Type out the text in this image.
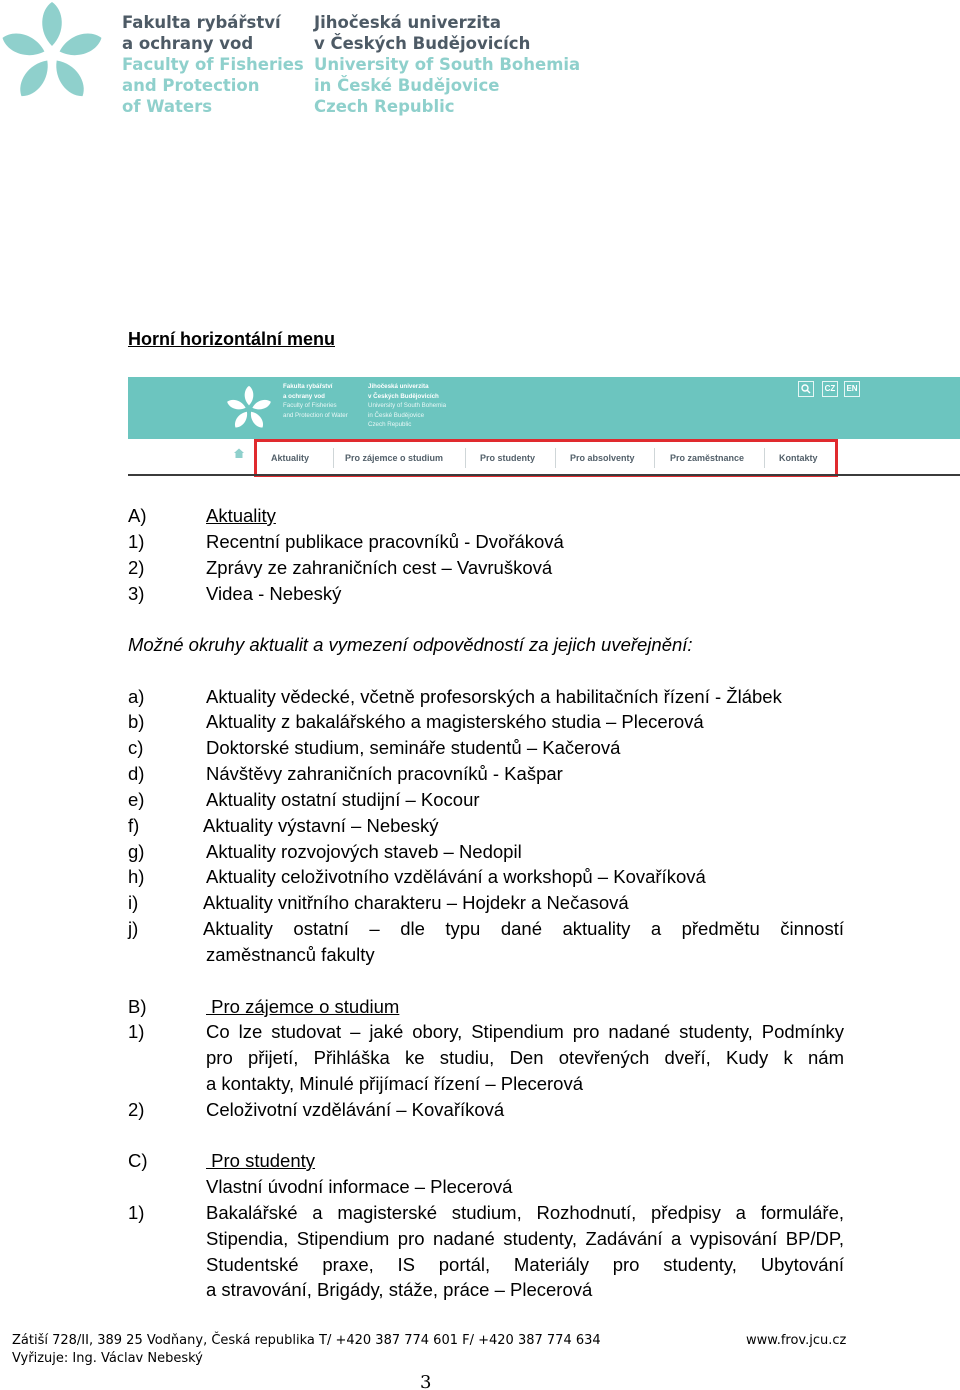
Fakulta rybářství
a ochrany vod
Faculty of Fisheries
and Protection
of Waters
Jihočeská univerzita
v Českých Budějovicích
University of South Bohemia
in České Budějovice
Czech Republic
Horní horizontální menu
Fakulta rybářství
a ochrany vod
Faculty of Fisheries
and Protection of Water
Jihočeská univerzita
v Českých Budějovicích
University of South Bohemia
in České Budějovice
Czech Republic
CZ	EN
Aktuality	Pro zájemce o studium	Pro studenty	Pro absolventy	Pro zaměstnance	Kontakty
A)	Aktuality
1)	Recentní publikace pracovníků - Dvořáková
2)	Zprávy ze zahraničních cest – Vavrušková
3)	Videa - Nebeský
Možné okruhy aktualit a vymezení odpovědností za jejich uveřejnění:
a)	Aktuality vědecké, včetně profesorských a habilitačních řízení - Žlábek
b)	Aktuality z bakalářského a magisterského studia – Plecerová
c)	Doktorské studium, semináře studentů – Kačerová
d)	Návštěvy zahraničních pracovníků - Kašpar
e)	Aktuality ostatní studijní – Kocour
f)	Aktuality výstavní – Nebeský
g)	Aktuality rozvojových staveb – Nedopil
h)	Aktuality celoživotního vzdělávání a workshopů – Kovaříková
i)	Aktuality vnitřního charakteru – Hojdekr a Nečasová
j)	Aktuality ostatní – dle typu dané aktuality a předmětu činností
zaměstnanců fakulty
B)	Pro zájemce o studium
1)	Co lze studovat – jaké obory, Stipendium pro nadané studenty, Podmínky
pro přijetí, Přihláška ke studiu, Den otevřených dveří, Kudy k nám
a kontakty, Minulé přijímací řízení – Plecerová
2)	Celoživotní vzdělávání – Kovaříková
C)	Pro studenty
Vlastní úvodní informace – Plecerová
1)	Bakalářské a magisterské studium, Rozhodnutí, předpisy a formuláře,
Stipendia, Stipendium pro nadané studenty, Zadávání a vypisování BP/DP,
Studentské praxe, IS portál, Materiály pro studenty, Ubytování
a stravování, Brigády, stáže, práce – Plecerová
Zátiší 728/II, 389 25 Vodňany, Česká republika T/ +420 387 774 601 F/ +420 387 774 634	www.frov.jcu.cz
Vyřizuje: Ing. Václav Nebeský
3
